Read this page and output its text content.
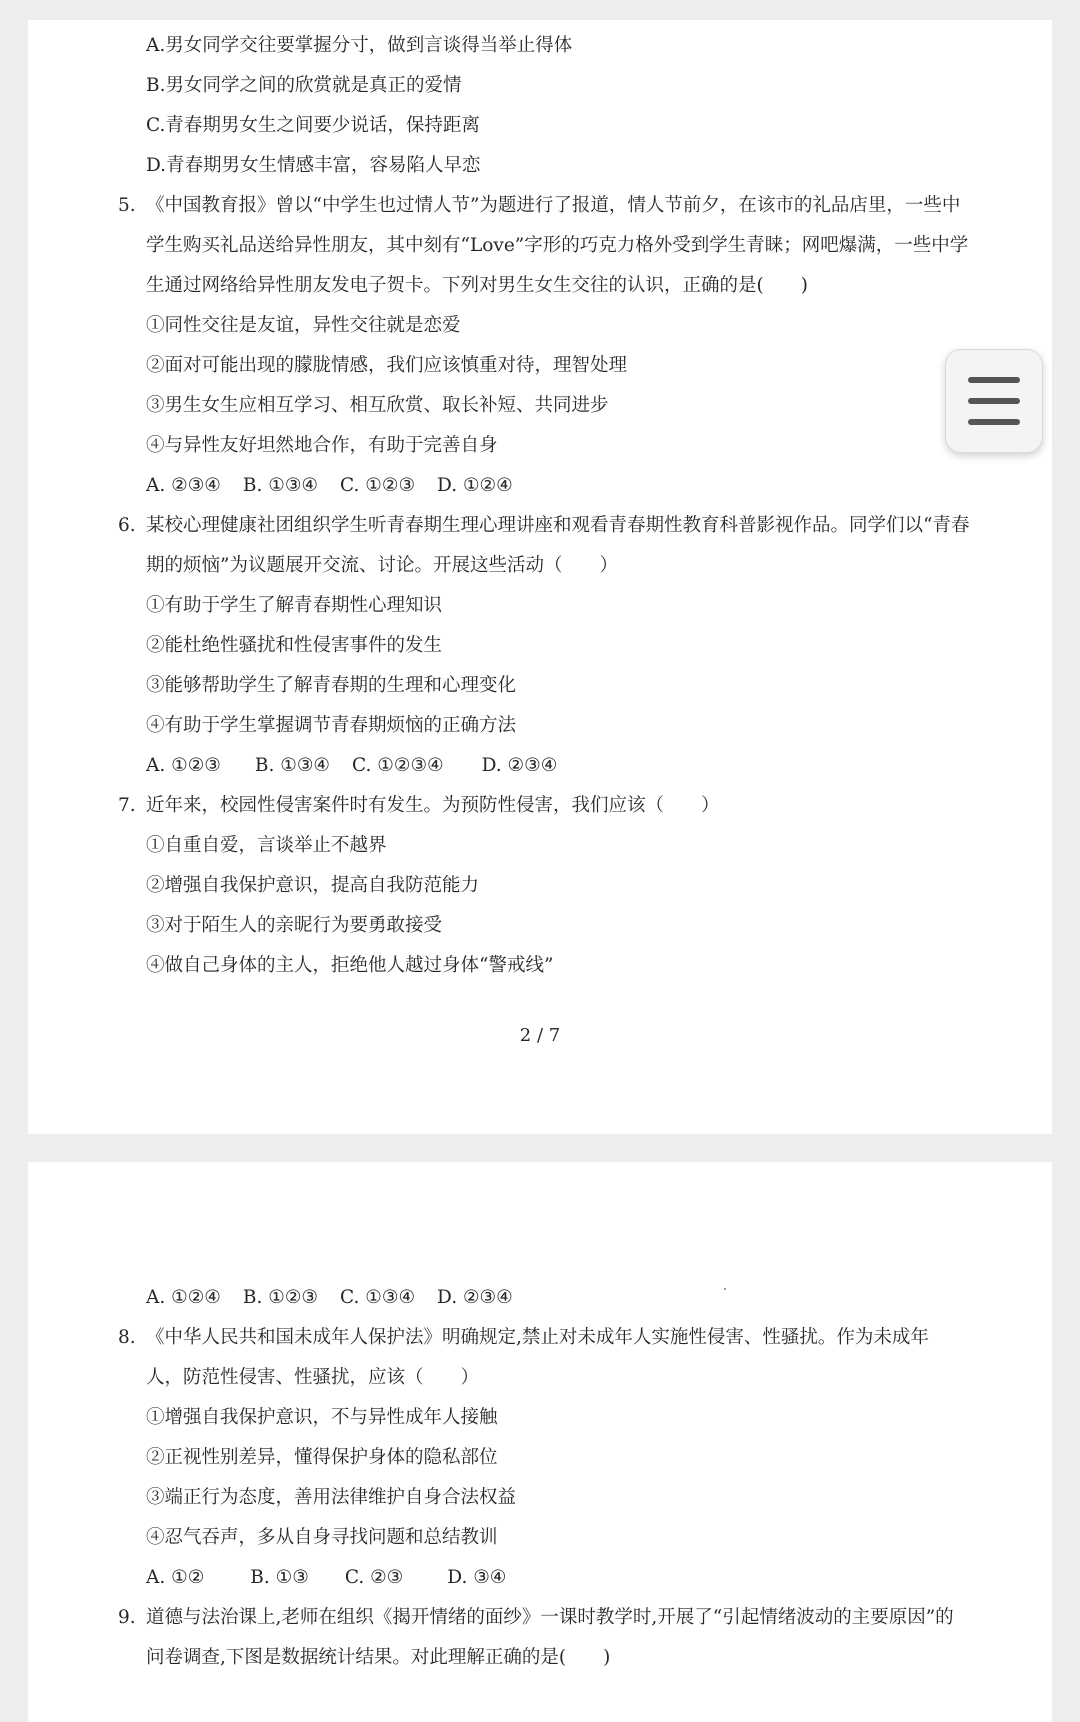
A.男女同学交往要掌握分寸，做到言谈得当举止得体
B.男女同学之间的欣赏就是真正的爱情
C.青春期男女生之间要少说话，保持距离
D.青春期男女生情感丰富，容易陷人早恋
5. 《中国教育报》曾以“中学生也过情人节”为题进行了报道，情人节前夕，在该市的礼品店里，一些中
学生购买礼品送给异性朋友，其中刻有“Love”字形的巧克力格外受到学生青睐；网吧爆满，一些中学
生通过网络给异性朋友发电子贺卡。下列对男生女生交往的认识，正确的是(　　)
①同性交往是友谊，异性交往就是恋爱
②面对可能出现的朦胧情感，我们应该慎重对待，理智处理
③男生女生应相互学习、相互欣赏、取长补短、共同进步
④与异性友好坦然地合作，有助于完善自身
A. ②③④ B. ①③④ C. ①②③ D. ①②④
6. 某校心理健康社团组织学生听青春期生理心理讲座和观看青春期性教育科普影视作品。同学们以“青春
期的烦恼”为议题展开交流、讨论。开展这些活动（　　）
①有助于学生了解青春期性心理知识
②能杜绝性骚扰和性侵害事件的发生
③能够帮助学生了解青春期的生理和心理变化
④有助于学生掌握调节青春期烦恼的正确方法
A. ①②③ B. ①③④ C. ①②③④ D. ②③④
7. 近年来，校园性侵害案件时有发生。为预防性侵害，我们应该（　　）
①自重自爱，言谈举止不越界
②增强自我保护意识，提高自我防范能力
③对于陌生人的亲昵行为要勇敢接受
④做自己身体的主人，拒绝他人越过身体“警戒线”
2 / 7
A. ①②④ B. ①②③ C. ①③④ D. ②③④
8. 《中华人民共和国未成年人保护法》明确规定,禁止对未成年人实施性侵害、性骚扰。作为未成年
人，防范性侵害、性骚扰，应该（　　）
①增强自我保护意识，不与异性成年人接触
②正视性别差异，懂得保护身体的隐私部位
③端正行为态度，善用法律维护自身合法权益
④忍气吞声，多从自身寻找问题和总结教训
A. ①② B. ①③ C. ②③ D. ③④
9. 道德与法治课上,老师在组织《揭开情绪的面纱》一课时教学时,开展了“引起情绪波动的主要原因”的
问卷调查,下图是数据统计结果。对此理解正确的是(　　)
